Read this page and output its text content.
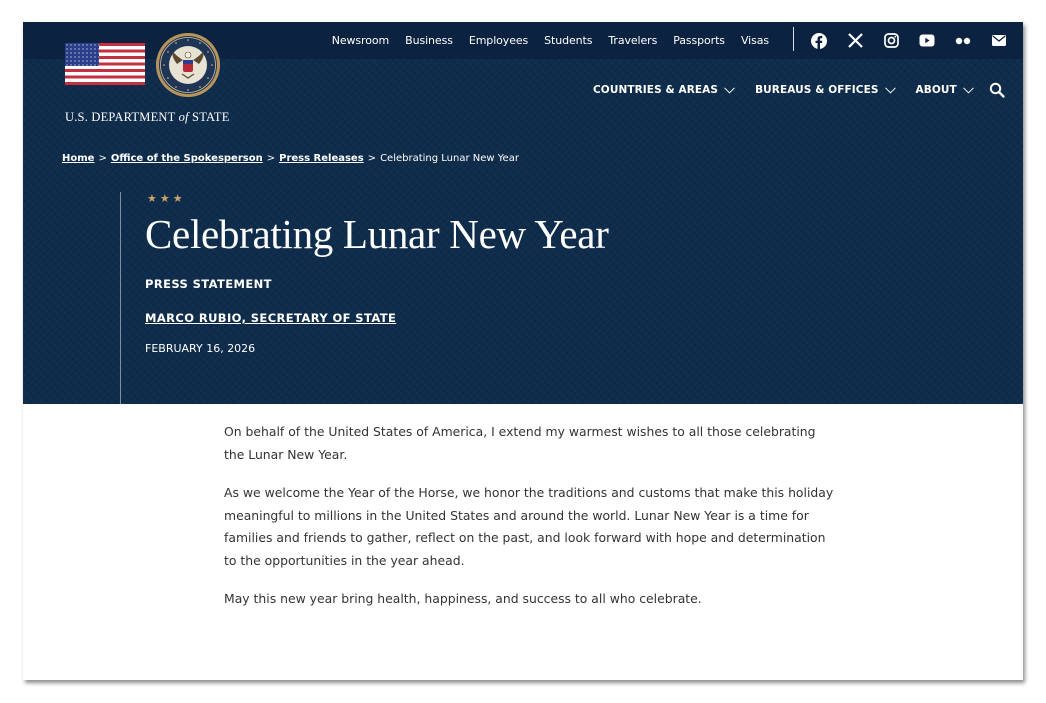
Newsroom Business Employees Students Travelers Passports Visas
U.S. DEPARTMENT of STATE
COUNTRIES & AREAS	BUREAUS & OFFICES	ABOUT
Home > Office of the Spokesperson > Press Releases > Celebrating Lunar New Year
★★★
Celebrating Lunar New Year
PRESS STATEMENT
MARCO RUBIO, SECRETARY OF STATE
FEBRUARY 16, 2026

On behalf of the United States of America, I extend my warmest wishes to all those celebrating the Lunar New Year.

As we welcome the Year of the Horse, we honor the traditions and customs that make this holiday meaningful to millions in the United States and around the world. Lunar New Year is a time for families and friends to gather, reflect on the past, and look forward with hope and determination to the opportunities in the year ahead.

May this new year bring health, happiness, and success to all who celebrate.
